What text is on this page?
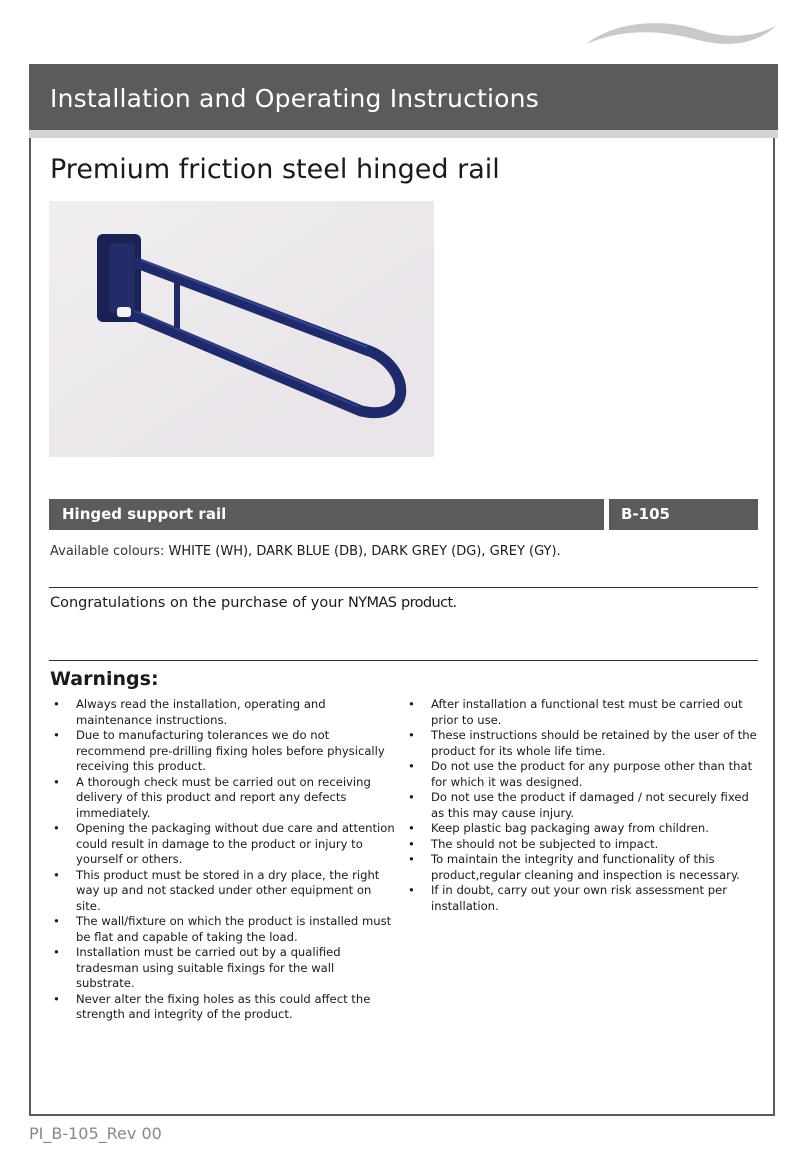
Installation and Operating Instructions
Premium friction steel hinged rail
Hinged support rail	B-105
Available colours: WHITE (WH), DARK BLUE (DB), DARK GREY (DG), GREY (GY).
Congratulations on the purchase of your NYMAS product.
Warnings:
• Always read the installation, operating and maintenance instructions.
• Due to manufacturing tolerances we do not recommend pre-drilling fixing holes before physically receiving this product.
• A thorough check must be carried out on receiving delivery of this product and report any defects immediately.
• Opening the packaging without due care and attention could result in damage to the product or injury to yourself or others.
• This product must be stored in a dry place, the right way up and not stacked under other equipment on site.
• The wall/fixture on which the product is installed must be flat and capable of taking the load.
• Installation must be carried out by a qualified tradesman using suitable fixings for the wall substrate.
• Never alter the fixing holes as this could affect the strength and integrity of the product.
• After installation a functional test must be carried out prior to use.
• These instructions should be retained by the user of the product for its whole life time.
• Do not use the product for any purpose other than that for which it was designed.
• Do not use the product if damaged / not securely fixed as this may cause injury.
• Keep plastic bag packaging away from children.
• The should not be subjected to impact.
• To maintain the integrity and functionality of this product,regular cleaning and inspection is necessary.
• If in doubt, carry out your own risk assessment per installation.
PI_B-105_Rev 00
